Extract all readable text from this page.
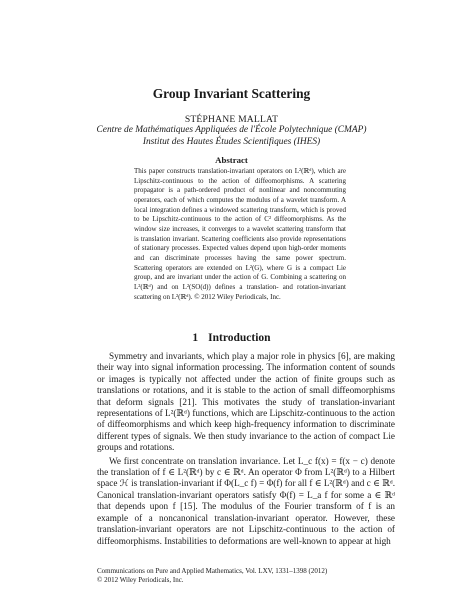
Group Invariant Scattering
STÉPHANE MALLAT
Centre de Mathématiques Appliquées de l'École Polytechnique (CMAP)
Institut des Hautes Études Scientifiques (IHES)
Abstract
This paper constructs translation-invariant operators on L²(ℝᵈ), which are Lipschitz-continuous to the action of diffeomorphisms. A scattering propagator is a path-ordered product of nonlinear and noncommuting operators, each of which computes the modulus of a wavelet transform. A local integration defines a windowed scattering transform, which is proved to be Lipschitz-continuous to the action of C² diffeomorphisms. As the window size increases, it converges to a wavelet scattering transform that is translation invariant. Scattering coefficients also provide representations of stationary processes. Expected values depend upon high-order moments and can discriminate processes having the same power spectrum. Scattering operators are extended on L²(G), where G is a compact Lie group, and are invariant under the action of G. Combining a scattering on L²(ℝᵈ) and on L²(SO(d)) defines a translation- and rotation-invariant scattering on L²(ℝᵈ). © 2012 Wiley Periodicals, Inc.
1 Introduction

Symmetry and invariants, which play a major role in physics [6], are making their way into signal information processing. The information content of sounds or images is typically not affected under the action of finite groups such as translations or rotations, and it is stable to the action of small diffeomorphisms that deform signals [21]. This motivates the study of translation-invariant representations of L²(ℝᵈ) functions, which are Lipschitz-continuous to the action of diffeomorphisms and which keep high-frequency information to discriminate different types of signals. We then study invariance to the action of compact Lie groups and rotations.

We first concentrate on translation invariance. Let L_c f(x) = f(x − c) denote the translation of f ∈ L²(ℝᵈ) by c ∈ ℝᵈ. An operator Φ from L²(ℝᵈ) to a Hilbert space ℋ is translation-invariant if Φ(L_c f) = Φ(f) for all f ∈ L²(ℝᵈ) and c ∈ ℝᵈ. Canonical translation-invariant operators satisfy Φ(f) = L_a f for some a ∈ ℝᵈ that depends upon f [15]. The modulus of the Fourier transform of f is an example of a noncanonical translation-invariant operator. However, these translation-invariant operators are not Lipschitz-continuous to the action of diffeomorphisms. Instabilities to deformations are well-known to appear at high

Communications on Pure and Applied Mathematics, Vol. LXV, 1331–1398 (2012)
© 2012 Wiley Periodicals, Inc.
